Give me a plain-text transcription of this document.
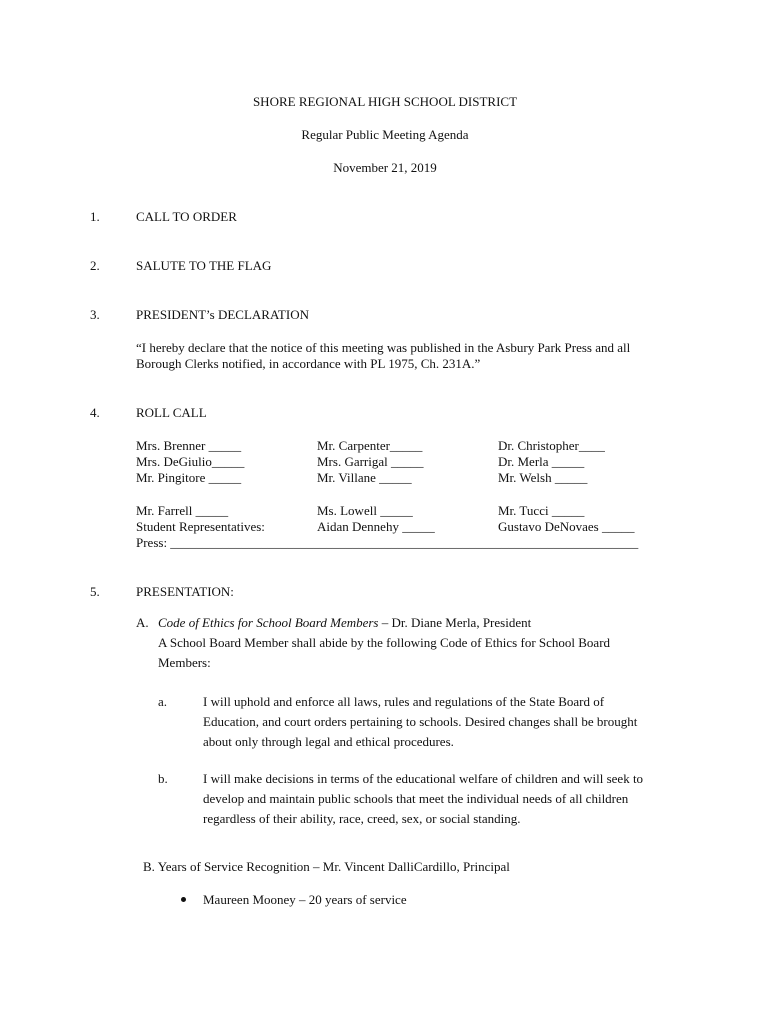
SHORE REGIONAL HIGH SCHOOL DISTRICT
Regular Public Meeting Agenda
November 21, 2019
1.	CALL TO ORDER
2.	SALUTE TO THE FLAG
3.	PRESIDENT’s DECLARATION
“I hereby declare that the notice of this meeting was published in the Asbury Park Press and all
Borough Clerks notified, in accordance with PL 1975, Ch. 231A.”
4.	ROLL CALL
Mrs. Brenner _____	Mr. Carpenter_____	Dr. Christopher____
Mrs. DeGiulio_____	Mrs. Garrigal _____	Dr. Merla _____
Mr. Pingitore _____	Mr. Villane _____	Mr. Welsh _____
Mr. Farrell _____	Ms. Lowell _____	Mr. Tucci _____
Student Representatives:	Aidan Dennehy _____	Gustavo DeNovaes _____
Press: ________________________________________________________________________
5.	PRESENTATION:
A. Code of Ethics for School Board Members – Dr. Diane Merla, President
A School Board Member shall abide by the following Code of Ethics for School Board
Members:
a.	I will uphold and enforce all laws, rules and regulations of the State Board of
Education, and court orders pertaining to schools. Desired changes shall be brought
about only through legal and ethical procedures.
b.	I will make decisions in terms of the educational welfare of children and will seek to
develop and maintain public schools that meet the individual needs of all children
regardless of their ability, race, creed, sex, or social standing.
B. Years of Service Recognition – Mr. Vincent DalliCardillo, Principal
Maureen Mooney – 20 years of service
